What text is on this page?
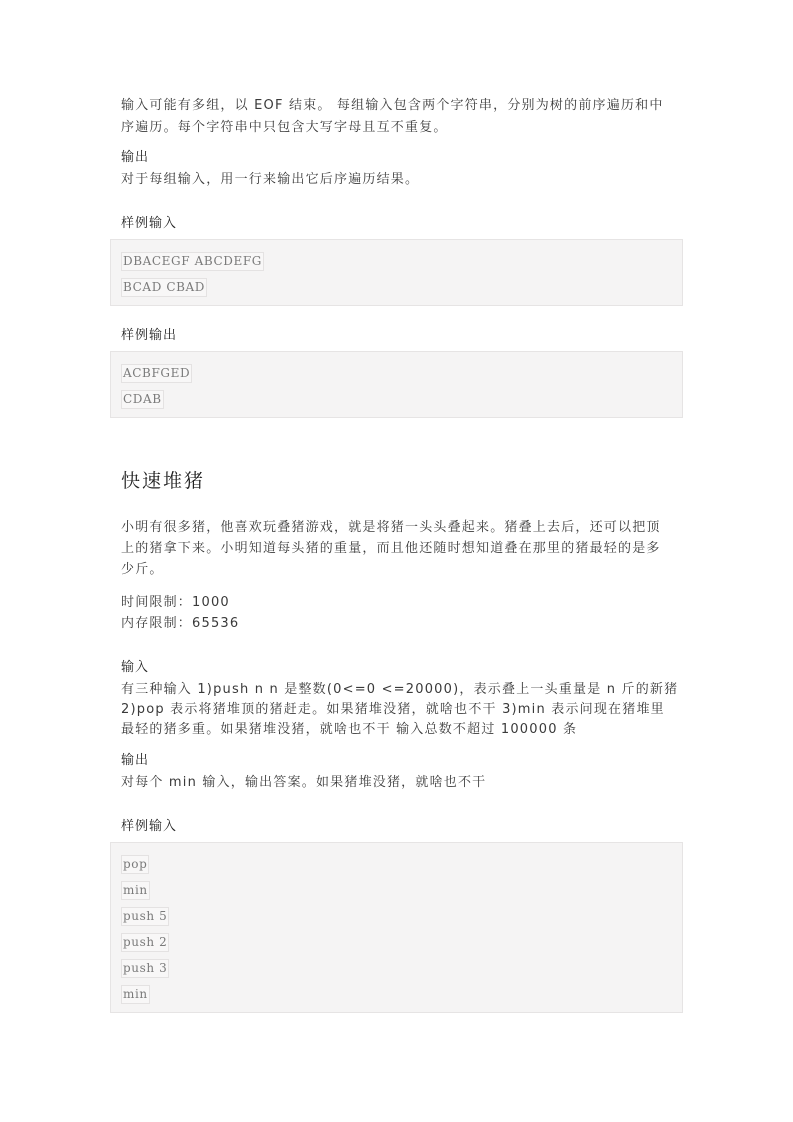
输入可能有多组，以 EOF 结束。 每组输入包含两个字符串，分别为树的前序遍历和中
序遍历。每个字符串中只包含大写字母且互不重复。
输出
对于每组输入，用一行来输出它后序遍历结果。
样例输入
DBACEGF ABCDEFG
BCAD CBAD
样例输出
ACBFGED
CDAB
快速堆猪
小明有很多猪，他喜欢玩叠猪游戏，就是将猪一头头叠起来。猪叠上去后，还可以把顶
上的猪拿下来。小明知道每头猪的重量，而且他还随时想知道叠在那里的猪最轻的是多
少斤。
时间限制：1000
内存限制：65536
输入
有三种输入 1)push n n 是整数(0<=0 <=20000)，表示叠上一头重量是 n 斤的新猪
2)pop 表示将猪堆顶的猪赶走。如果猪堆没猪，就啥也不干 3)min 表示问现在猪堆里
最轻的猪多重。如果猪堆没猪，就啥也不干 输入总数不超过 100000 条
输出
对每个 min 输入，输出答案。如果猪堆没猪，就啥也不干
样例输入
pop
min
push 5
push 2
push 3
min
